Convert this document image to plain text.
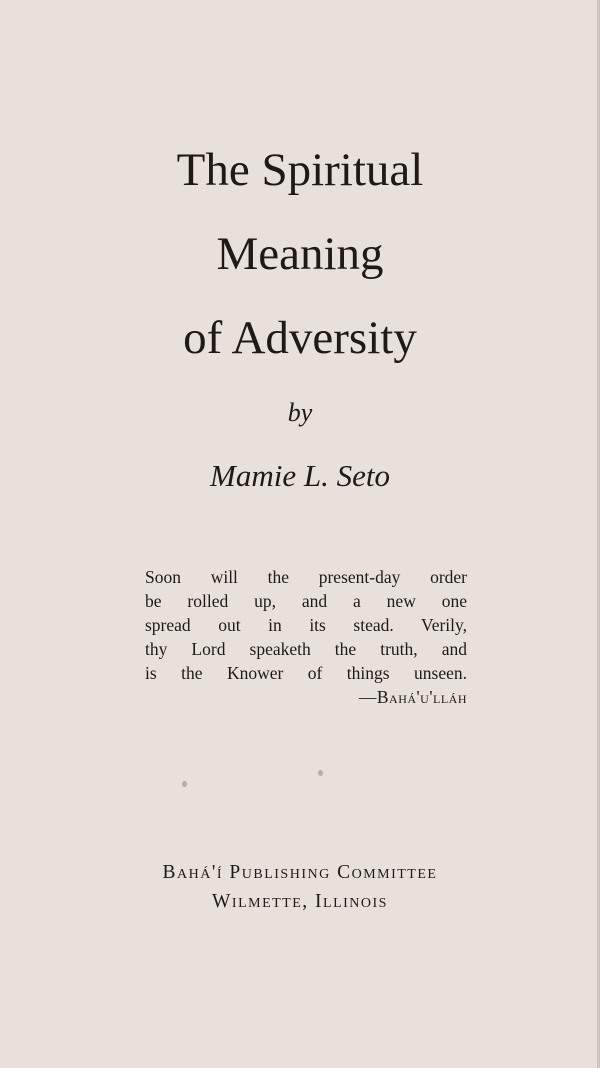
The Spiritual
Meaning
of Adversity
by
Mamie L. Seto
Soon will the present-day order
be rolled up, and a new one
spread out in its stead. Verily,
thy Lord speaketh the truth, and
is the Knower of things unseen.
—Bahá'u'lláh
Bahá'í Publishing Committee
Wilmette, Illinois
